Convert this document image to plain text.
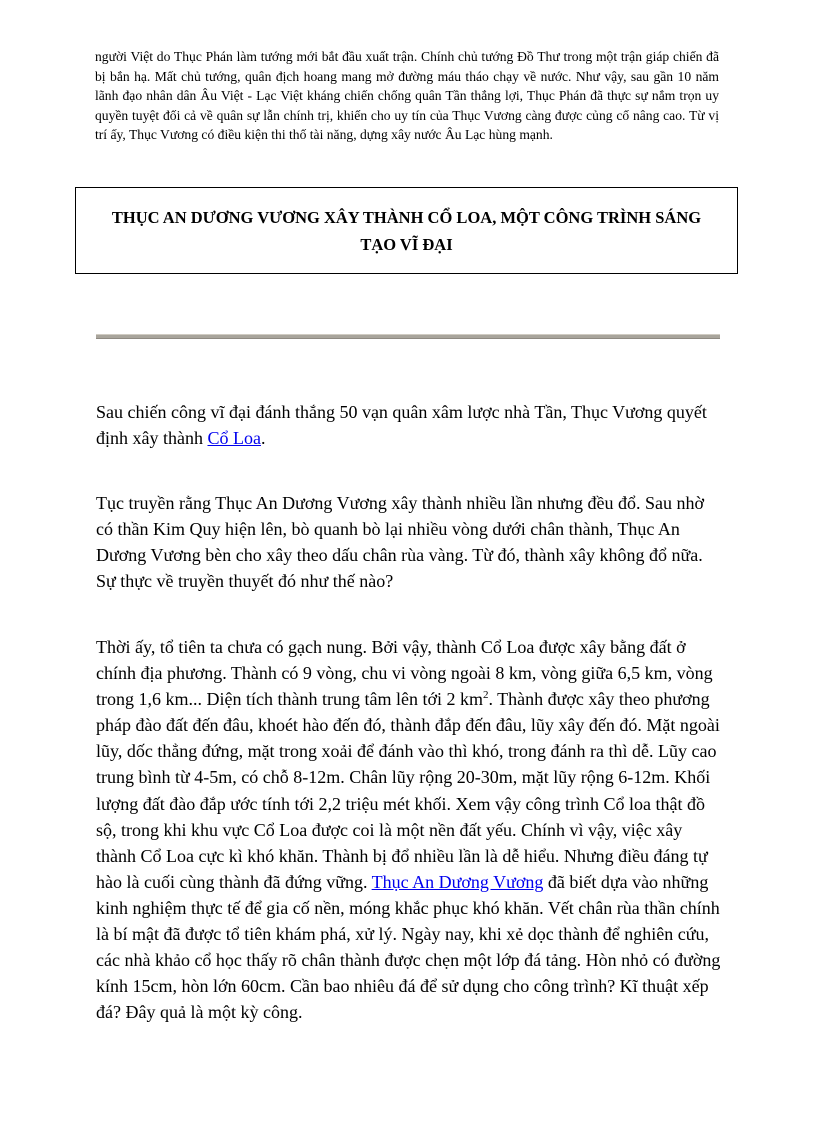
người Việt do Thục Phán làm tướng mới bắt đầu xuất trận. Chính chủ tướng Đồ Thư trong một trận giáp chiến đã bị bắn hạ. Mất chủ tướng, quân địch hoang mang mở đường máu tháo chạy về nước. Như vậy, sau gần 10 năm lãnh đạo nhân dân Âu Việt - Lạc Việt kháng chiến chống quân Tần thắng lợi, Thục Phán đã thực sự nắm trọn uy quyền tuyệt đối cả về quân sự lẫn chính trị, khiến cho uy tín của Thục Vương càng được củng cố nâng cao. Từ vị trí ấy, Thục Vương có điều kiện thi thố tài năng, dựng xây nước Âu Lạc hùng mạnh.

THỤC AN DƯƠNG VƯƠNG XÂY THÀNH CỔ LOA, MỘT CÔNG TRÌNH SÁNG
TẠO VĨ ĐẠI

Sau chiến công vĩ đại đánh thắng 50 vạn quân xâm lược nhà Tần, Thục Vương quyết định xây thành Cổ Loa.

Tục truyền rằng Thục An Dương Vương xây thành nhiều lần nhưng đều đổ. Sau nhờ có thần Kim Quy hiện lên, bò quanh bò lại nhiều vòng dưới chân thành, Thục An Dương Vương bèn cho xây theo dấu chân rùa vàng. Từ đó, thành xây không đổ nữa. Sự thực về truyền thuyết đó như thế nào?

Thời ấy, tổ tiên ta chưa có gạch nung. Bởi vậy, thành Cổ Loa được xây bằng đất ở chính địa phương. Thành có 9 vòng, chu vi vòng ngoài 8 km, vòng giữa 6,5 km, vòng trong 1,6 km... Diện tích thành trung tâm lên tới 2 $km^2$. Thành được xây theo phương pháp đào đất đến đâu, khoét hào đến đó, thành đắp đến đâu, lũy xây đến đó. Mặt ngoài lũy, dốc thẳng đứng, mặt trong xoải để đánh vào thì khó, trong đánh ra thì dễ. Lũy cao trung bình từ 4-5m, có chỗ 8-12m. Chân lũy rộng 20-30m, mặt lũy rộng 6-12m. Khối lượng đất đào đắp ước tính tới 2,2 triệu mét khối. Xem vậy công trình Cổ loa thật đồ sộ, trong khi khu vực Cổ Loa được coi là một nền đất yếu. Chính vì vậy, việc xây thành Cổ Loa cực kì khó khăn. Thành bị đổ nhiều lần là dễ hiểu. Nhưng điều đáng tự hào là cuối cùng thành đã đứng vững. Thục An Dương Vương đã biết dựa vào những kinh nghiệm thực tế để gia cố nền, móng khắc phục khó khăn. Vết chân rùa thần chính là bí mật đã được tổ tiên khám phá, xử lý. Ngày nay, khi xẻ dọc thành để nghiên cứu, các nhà khảo cổ học thấy rõ chân thành được chẹn một lớp đá tảng. Hòn nhỏ có đường kính 15cm, hòn lớn 60cm. Cần bao nhiêu đá để sử dụng cho công trình? Kĩ thuật xếp đá? Đây quả là một kỳ công.
